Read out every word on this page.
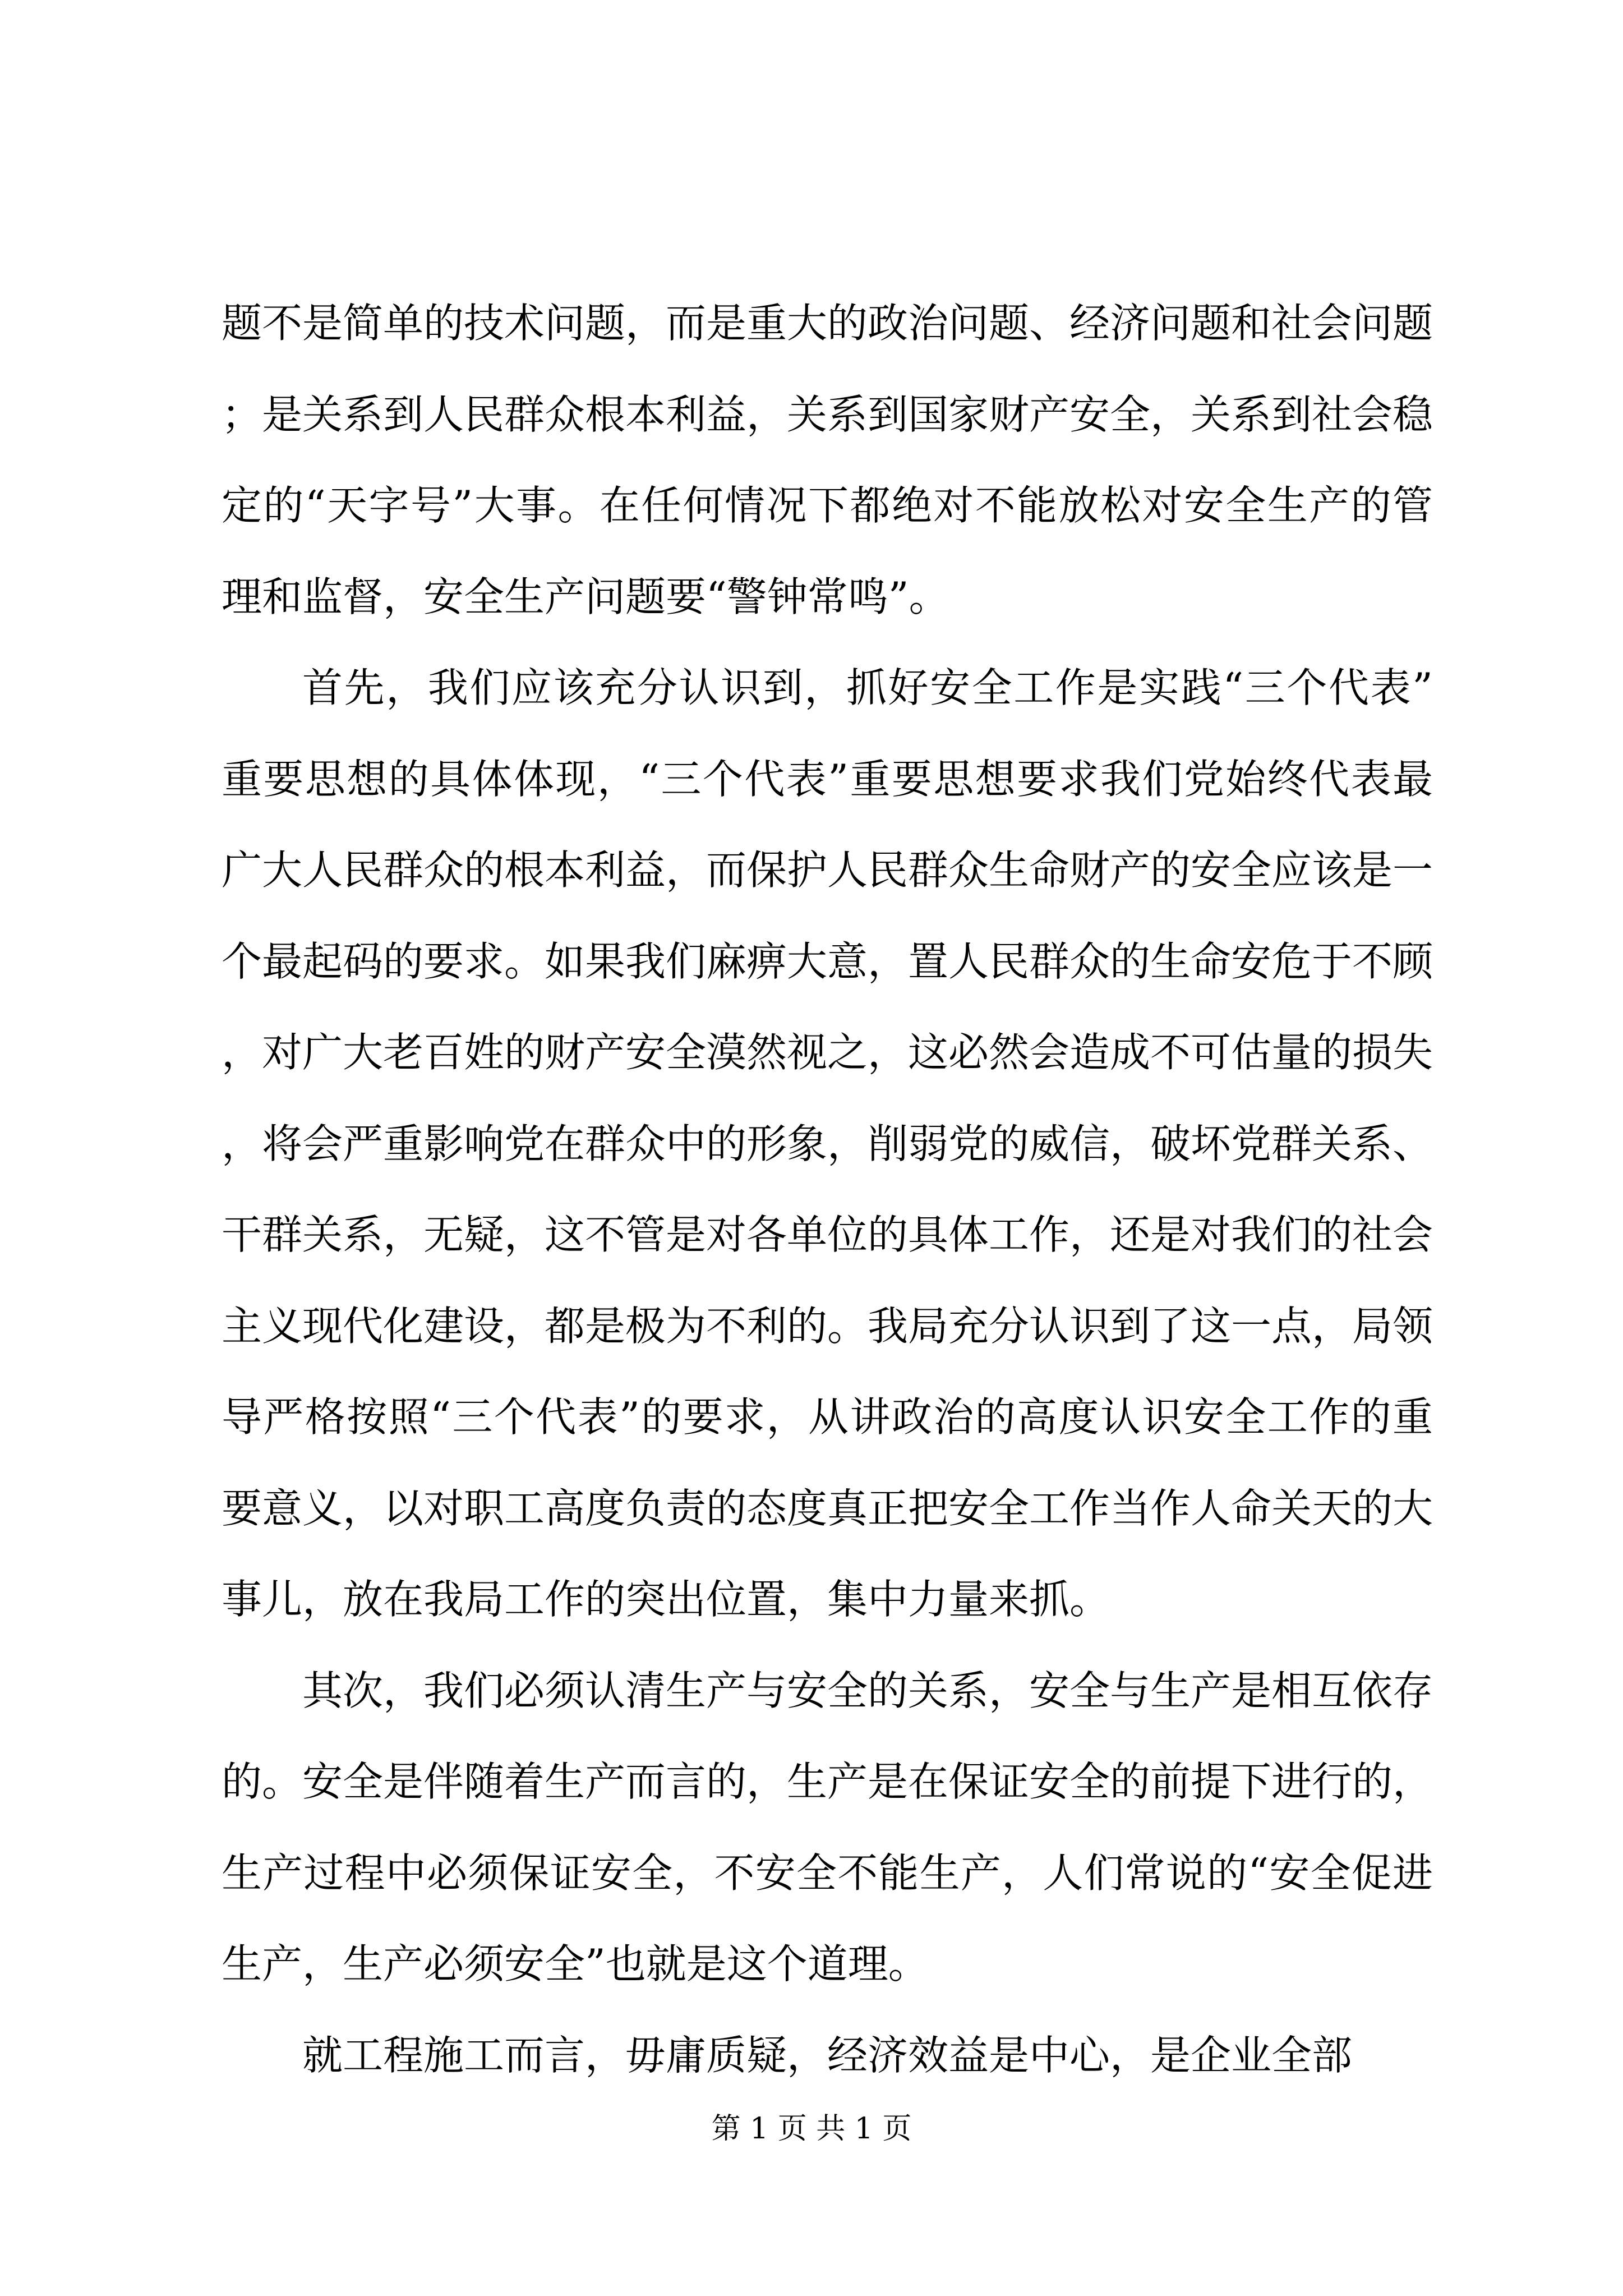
题不是简单的技术问题，而是重大的政治问题、经济问题和社会问题；是关系到人民群众根本利益，关系到国家财产安全，关系到社会稳定的“天字号”大事。在任何情况下都绝对不能放松对安全生产的管理和监督，安全生产问题要“警钟常鸣”。

首先，我们应该充分认识到，抓好安全工作是实践“三个代表”重要思想的具体体现，“三个代表”重要思想要求我们党始终代表最广大人民群众的根本利益，而保护人民群众生命财产的安全应该是一个最起码的要求。如果我们麻痹大意，置人民群众的生命安危于不顾，对广大老百姓的财产安全漠然视之，这必然会造成不可估量的损失，将会严重影响党在群众中的形象，削弱党的威信，破坏党群关系、干群关系，无疑，这不管是对各单位的具体工作，还是对我们的社会主义现代化建设，都是极为不利的。我局充分认识到了这一点，局领导严格按照“三个代表”的要求，从讲政治的高度认识安全工作的重要意义，以对职工高度负责的态度真正把安全工作当作人命关天的大事儿，放在我局工作的突出位置，集中力量来抓。

其次，我们必须认清生产与安全的关系，安全与生产是相互依存的。安全是伴随着生产而言的，生产是在保证安全的前提下进行的，生产过程中必须保证安全，不安全不能生产，人们常说的“安全促进生产，生产必须安全”也就是这个道理。

就工程施工而言，毋庸质疑，经济效益是中心，是企业全部

第 1 页 共 1 页
